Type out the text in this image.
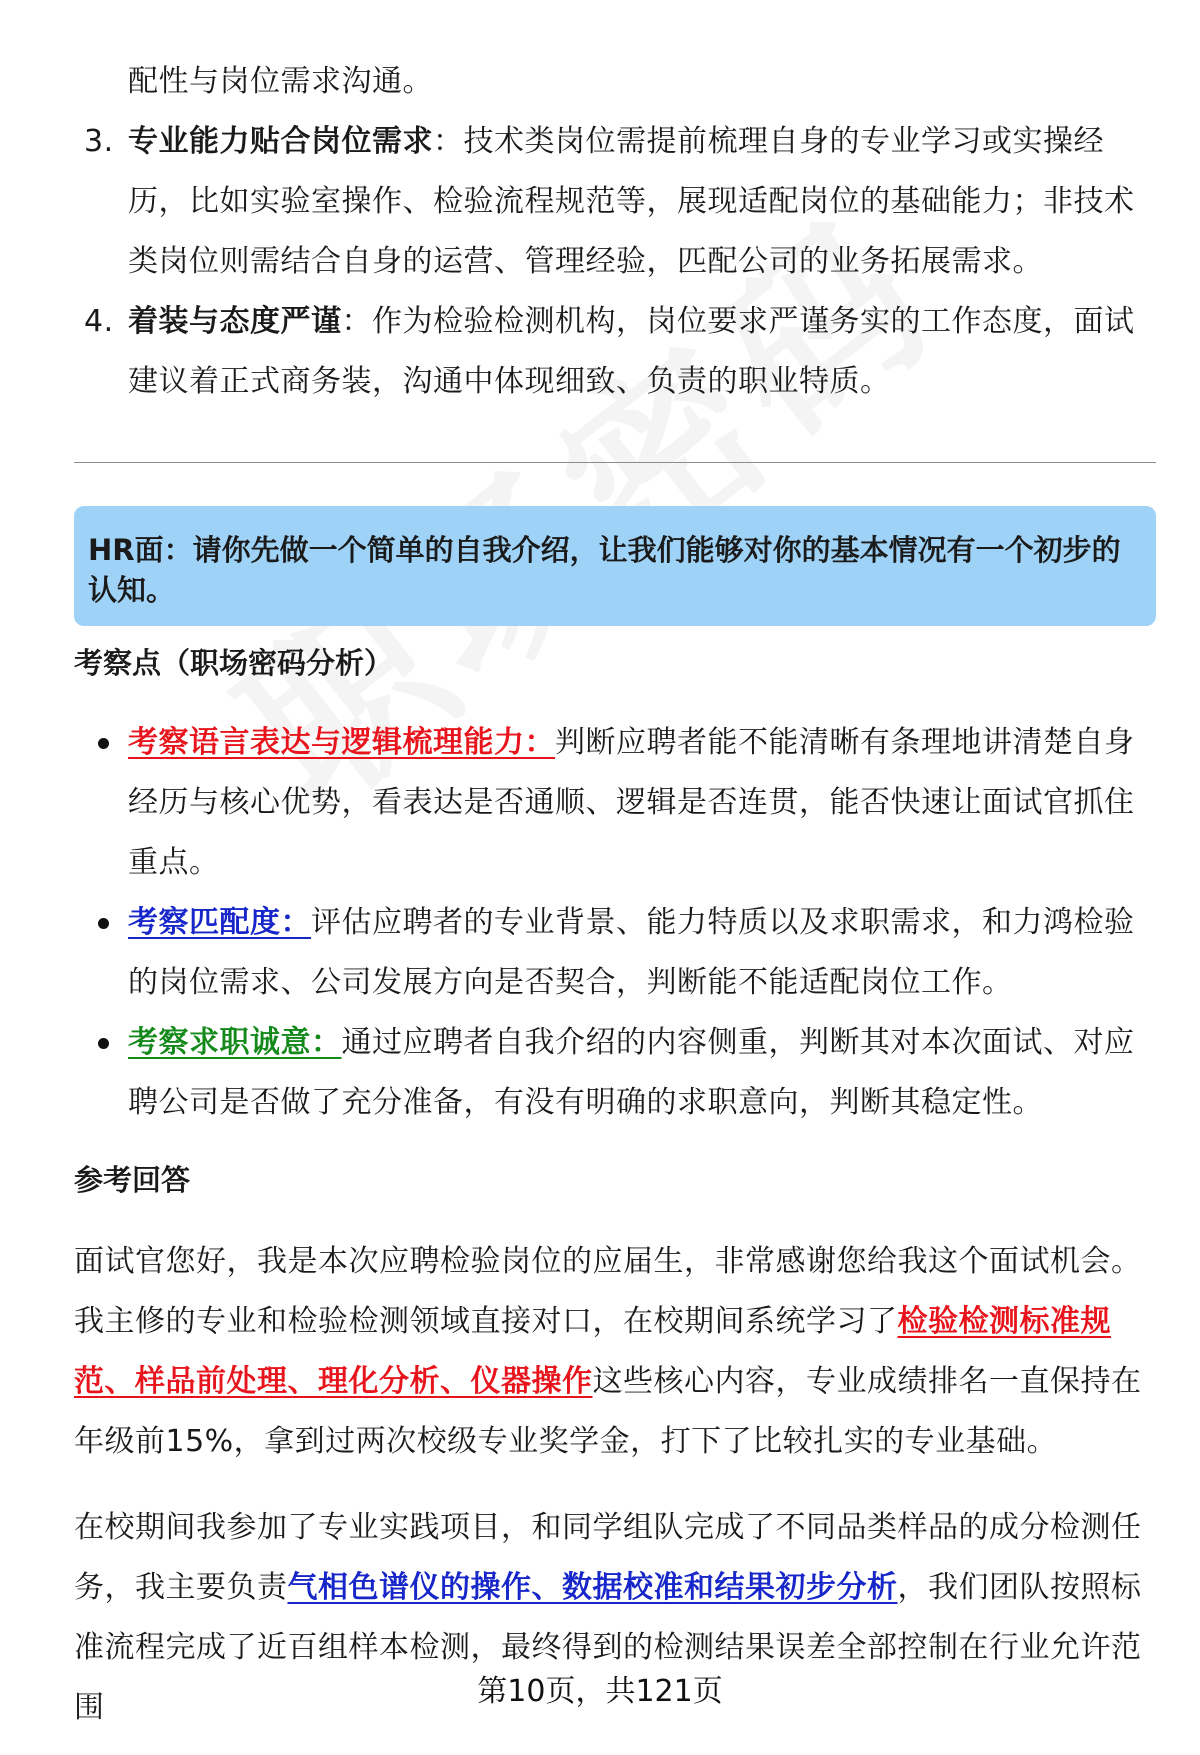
配性与岗位需求沟通。
3. 专业能力贴合岗位需求：技术类岗位需提前梳理自身的专业学习或实操经历，比如实验室操作、检验流程规范等，展现适配岗位的基础能力；非技术类岗位则需结合自身的运营、管理经验，匹配公司的业务拓展需求。
4. 着装与态度严谨：作为检验检测机构，岗位要求严谨务实的工作态度，面试建议着正式商务装，沟通中体现细致、负责的职业特质。
HR面：请你先做一个简单的自我介绍，让我们能够对你的基本情况有一个初步的认知。
考察点（职场密码分析）
考察语言表达与逻辑梳理能力：判断应聘者能不能清晰有条理地讲清楚自身经历与核心优势，看表达是否通顺、逻辑是否连贯，能否快速让面试官抓住重点。
考察匹配度：评估应聘者的专业背景、能力特质以及求职需求，和力鸿检验的岗位需求、公司发展方向是否契合，判断能不能适配岗位工作。
考察求职诚意：通过应聘者自我介绍的内容侧重，判断其对本次面试、对应聘公司是否做了充分准备，有没有明确的求职意向，判断其稳定性。
参考回答
面试官您好，我是本次应聘检验岗位的应届生，非常感谢您给我这个面试机会。我主修的专业和检验检测领域直接对口，在校期间系统学习了检验检测标准规范、样品前处理、理化分析、仪器操作这些核心内容，专业成绩排名一直保持在年级前15%，拿到过两次校级专业奖学金，打下了比较扎实的专业基础。
在校期间我参加了专业实践项目，和同学组队完成了不同品类样品的成分检测任务，我主要负责气相色谱仪的操作、数据校准和结果初步分析，我们团队按照标准流程完成了近百组样本检测，最终得到的检测结果误差全部控制在行业允许范围	第10页，共121页
